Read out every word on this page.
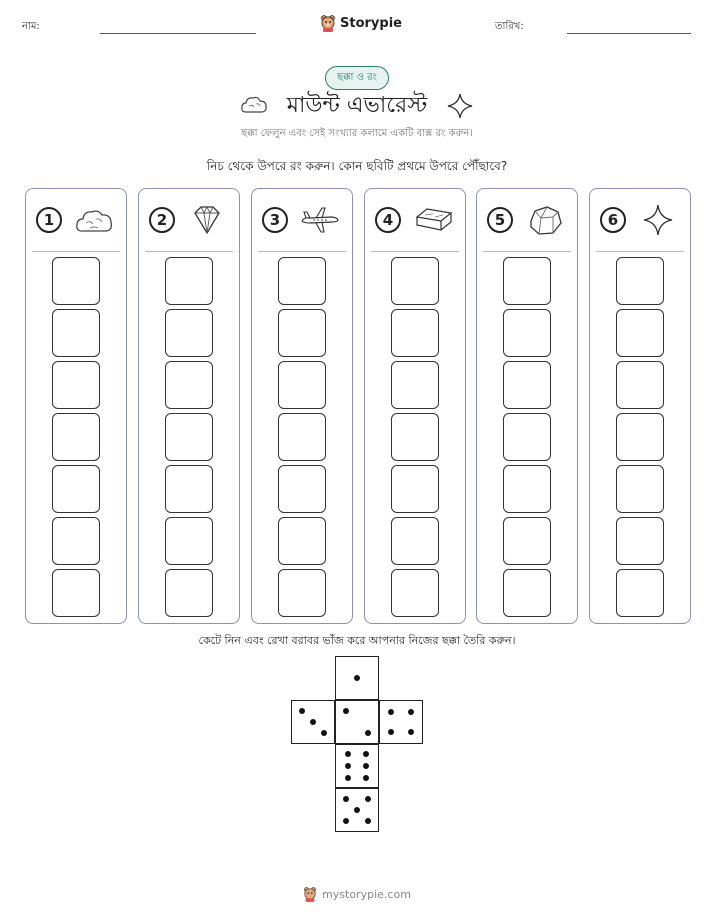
নাম:	Storypie	তারিখ:
ছক্কা ও রং
মাউন্ট এভারেস্ট
ছক্কা ফেলুন এবং সেই সংখ্যার কলামে একটি বাক্স রং করুন।
নিচ থেকে উপরে রং করুন। কোন ছবিটি প্রথমে উপরে পৌঁছাবে?
1	2	3	4	5	6
কেটে নিন এবং রেখা বরাবর ভাঁজ করে আপনার নিজের ছক্কা তৈরি করুন।
mystorypie.com
